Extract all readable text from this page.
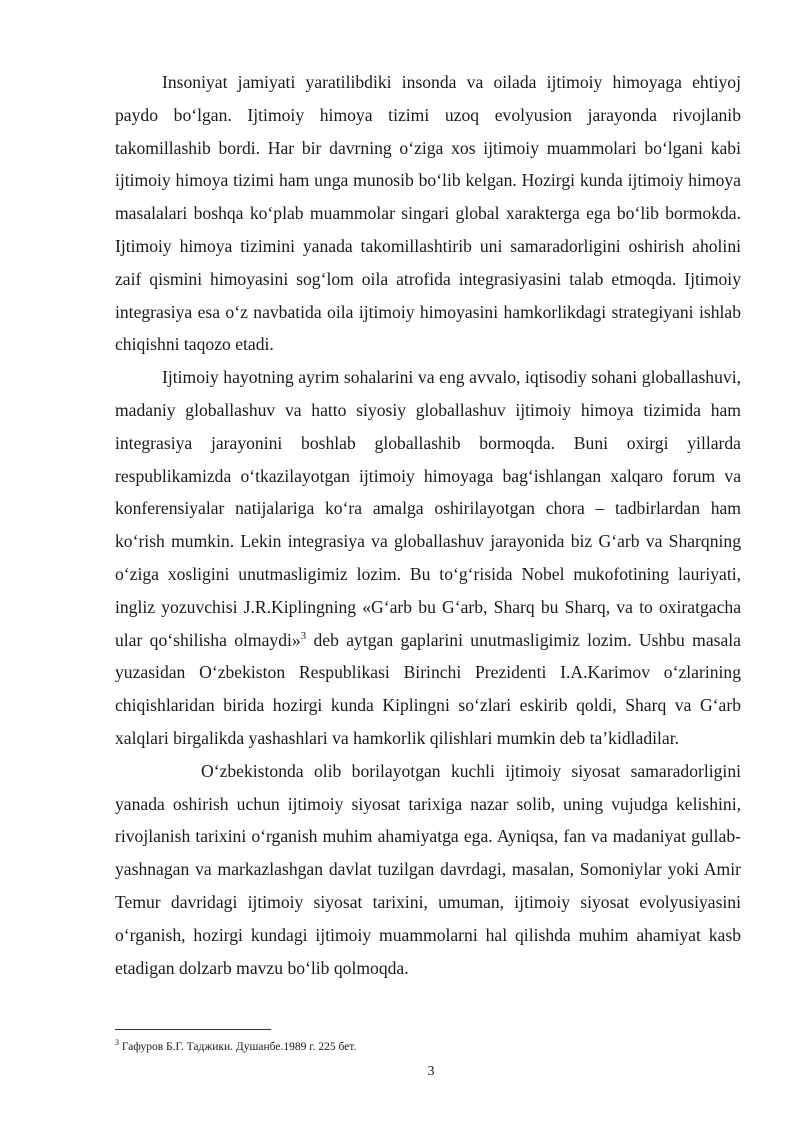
Insoniyat jamiyati yaratilibdiki insonda va oilada ijtimoiy himoyaga ehtiyoj paydo boʻlgan. Ijtimoiy himoya tizimi uzoq evolyusion jarayonda rivojlanib takomillashib bordi. Har bir davrning oʻziga xos ijtimoiy muammolari boʻlgani kabi ijtimoiy himoya tizimi ham unga munosib boʻlib kelgan. Hozirgi kunda ijtimoiy himoya masalalari boshqa koʻplab muammolar singari global xarakterga ega boʻlib bormokda. Ijtimoiy himoya tizimini yanada takomillashtirib uni samaradorligini oshirish aholini zaif qismini himoyasini sogʻlom oila atrofida integrasiyasini talab etmoqda. Ijtimoiy integrasiya esa oʻz navbatida oila ijtimoiy himoyasini hamkorlikdagi strategiyani ishlab chiqishni taqozo etadi.

Ijtimoiy hayotning ayrim sohalarini va eng avvalo, iqtisodiy sohani globallashuvi, madaniy globallashuv va hatto siyosiy globallashuv ijtimoiy himoya tizimida ham integrasiya jarayonini boshlab globallashib bormoqda. Buni oxirgi yillarda respublikamizda oʻtkazilayotgan ijtimoiy himoyaga bagʻishlangan xalqaro forum va konferensiyalar natijalariga koʻra amalga oshirilayotgan chora – tadbirlardan ham koʻrish mumkin. Lekin integrasiya va globallashuv jarayonida biz Gʻarb va Sharqning oʻziga xosligini unutmasligimiz lozim. Bu toʻgʻrisida Nobel mukofotining lauriyati, ingliz yozuvchisi J.R.Kiplingning «Gʻarb bu Gʻarb, Sharq bu Sharq, va to oxiratgacha ular qoʻshilisha olmaydi»$^3$ deb aytgan gaplarini unutmasligimiz lozim. Ushbu masala yuzasidan Oʻzbekiston Respublikasi Birinchi Prezidenti I.A.Karimov oʻzlarining chiqishlaridan birida hozirgi kunda Kiplingni soʻzlari eskirib qoldi, Sharq va Gʻarb xalqlari birgalikda yashashlari va hamkorlik qilishlari mumkin deb taʼkidladilar.

Oʻzbekistonda olib borilayotgan kuchli ijtimoiy siyosat samaradorligini yanada oshirish uchun ijtimoiy siyosat tarixiga nazar solib, uning vujudga kelishini, rivojlanish tarixini oʻrganish muhim ahamiyatga ega. Ayniqsa, fan va madaniyat gullab-yashnagan va markazlashgan davlat tuzilgan davrdagi, masalan, Somoniylar yoki Amir Temur davridagi ijtimoiy siyosat tarixini, umuman, ijtimoiy siyosat evolyusiyasini oʻrganish, hozirgi kundagi ijtimoiy muammolarni hal qilishda muhim ahamiyat kasb etadigan dolzarb mavzu boʻlib qolmoqda.

$^3$ Гафуров Б.Г. Таджики. Душанбе.1989 г. 225 бет.

3
